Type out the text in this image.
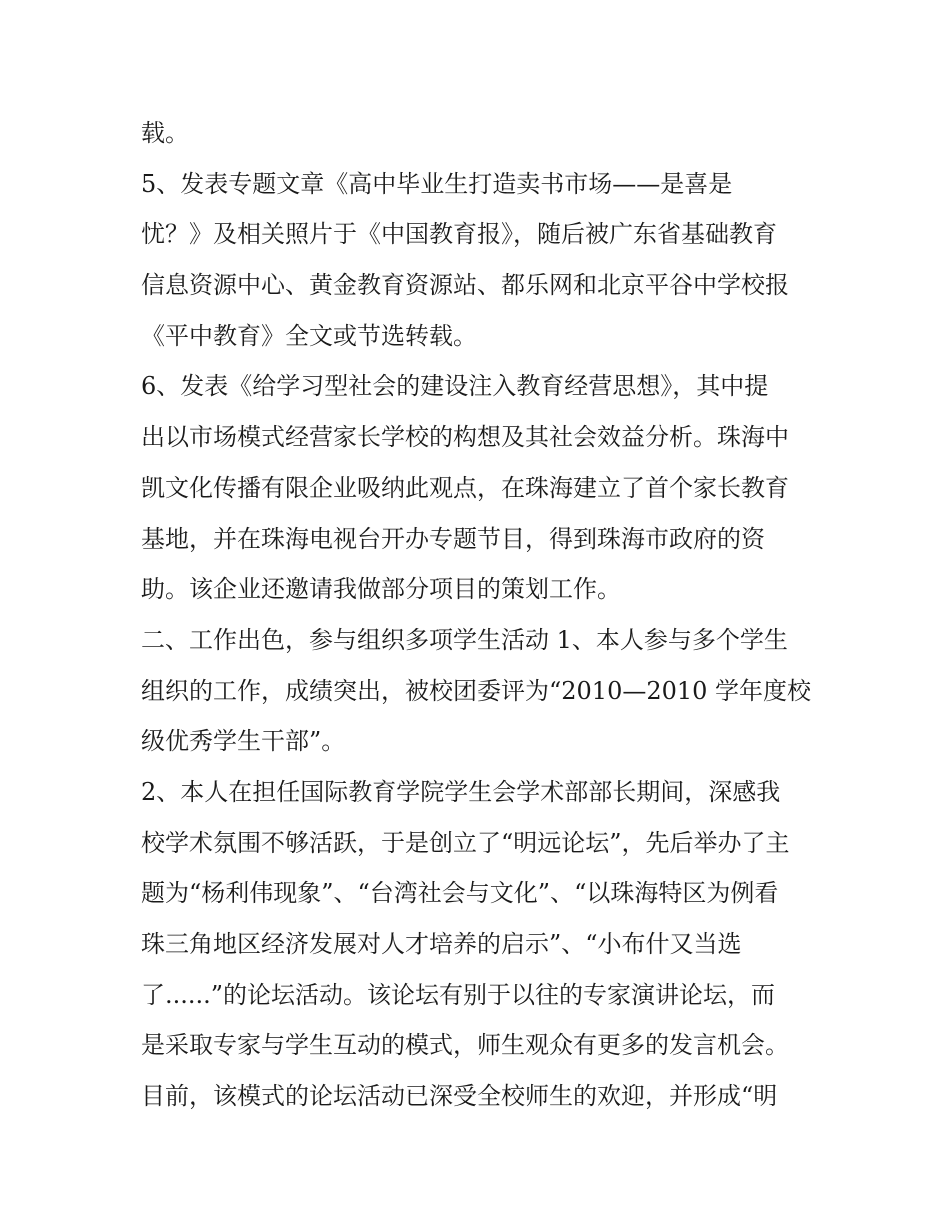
载。
5、发表专题文章《高中毕业生打造卖书市场——是喜是
忧？》及相关照片于《中国教育报》，随后被广东省基础教育
信息资源中心、黄金教育资源站、都乐网和北京平谷中学校报
《平中教育》全文或节选转载。
6、发表《给学习型社会的建设注入教育经营思想》，其中提
出以市场模式经营家长学校的构想及其社会效益分析。珠海中
凯文化传播有限企业吸纳此观点，在珠海建立了首个家长教育
基地，并在珠海电视台开办专题节目，得到珠海市政府的资
助。该企业还邀请我做部分项目的策划工作。
二、工作出色，参与组织多项学生活动 1、本人参与多个学生
组织的工作，成绩突出，被校团委评为“2010—2010 学年度校
级优秀学生干部”。
2、本人在担任国际教育学院学生会学术部部长期间，深感我
校学术氛围不够活跃，于是创立了“明远论坛”，先后举办了主
题为“杨利伟现象”、“台湾社会与文化”、“以珠海特区为例看
珠三角地区经济发展对人才培养的启示”、“小布什又当选
了......”的论坛活动。该论坛有别于以往的专家演讲论坛，而
是采取专家与学生互动的模式，师生观众有更多的发言机会。
目前，该模式的论坛活动已深受全校师生的欢迎，并形成“明
